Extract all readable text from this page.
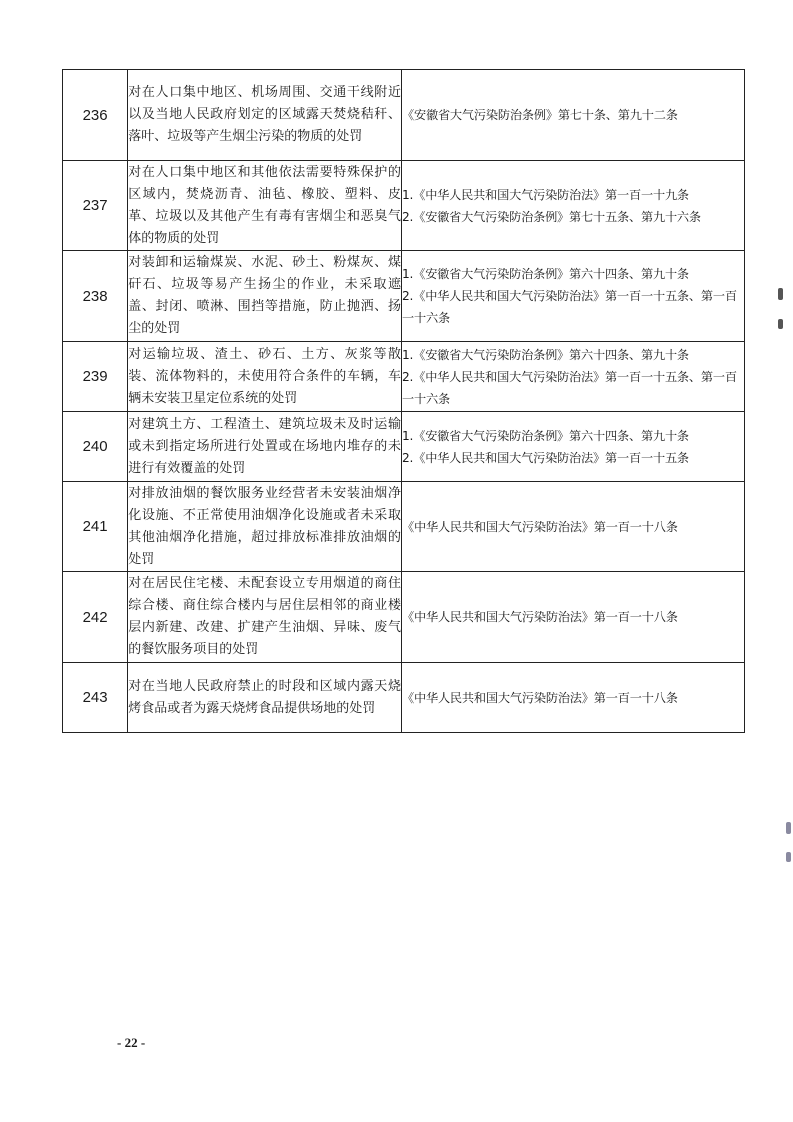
236	对在人口集中地区、机场周围、交通干线附近以及当地人民政府划定的区域露天焚烧秸秆、落叶、垃圾等产生烟尘污染的物质的处罚	《安徽省大气污染防治条例》第七十条、第九十二条

237	对在人口集中地区和其他依法需要特殊保护的区域内，焚烧沥青、油毡、橡胶、塑料、皮革、垃圾以及其他产生有毒有害烟尘和恶臭气体的物质的处罚	1.《中华人民共和国大气污染防治法》第一百一十九条
2.《安徽省大气污染防治条例》第七十五条、第九十六条

238	对装卸和运输煤炭、水泥、砂土、粉煤灰、煤矸石、垃圾等易产生扬尘的作业，未采取遮盖、封闭、喷淋、围挡等措施，防止抛洒、扬尘的处罚	1.《安徽省大气污染防治条例》第六十四条、第九十条
2.《中华人民共和国大气污染防治法》第一百一十五条、第一百一十六条

239	对运输垃圾、渣土、砂石、土方、灰浆等散装、流体物料的，未使用符合条件的车辆，车辆未安装卫星定位系统的处罚	1.《安徽省大气污染防治条例》第六十四条、第九十条
2.《中华人民共和国大气污染防治法》第一百一十五条、第一百一十六条

240	对建筑土方、工程渣土、建筑垃圾未及时运输或未到指定场所进行处置或在场地内堆存的未进行有效覆盖的处罚	1.《安徽省大气污染防治条例》第六十四条、第九十条
2.《中华人民共和国大气污染防治法》第一百一十五条

241	对排放油烟的餐饮服务业经营者未安装油烟净化设施、不正常使用油烟净化设施或者未采取其他油烟净化措施，超过排放标准排放油烟的处罚	《中华人民共和国大气污染防治法》第一百一十八条

242	对在居民住宅楼、未配套设立专用烟道的商住综合楼、商住综合楼内与居住层相邻的商业楼层内新建、改建、扩建产生油烟、异味、废气的餐饮服务项目的处罚	《中华人民共和国大气污染防治法》第一百一十八条

243	对在当地人民政府禁止的时段和区域内露天烧烤食品或者为露天烧烤食品提供场地的处罚	《中华人民共和国大气污染防治法》第一百一十八条
- 22 -
